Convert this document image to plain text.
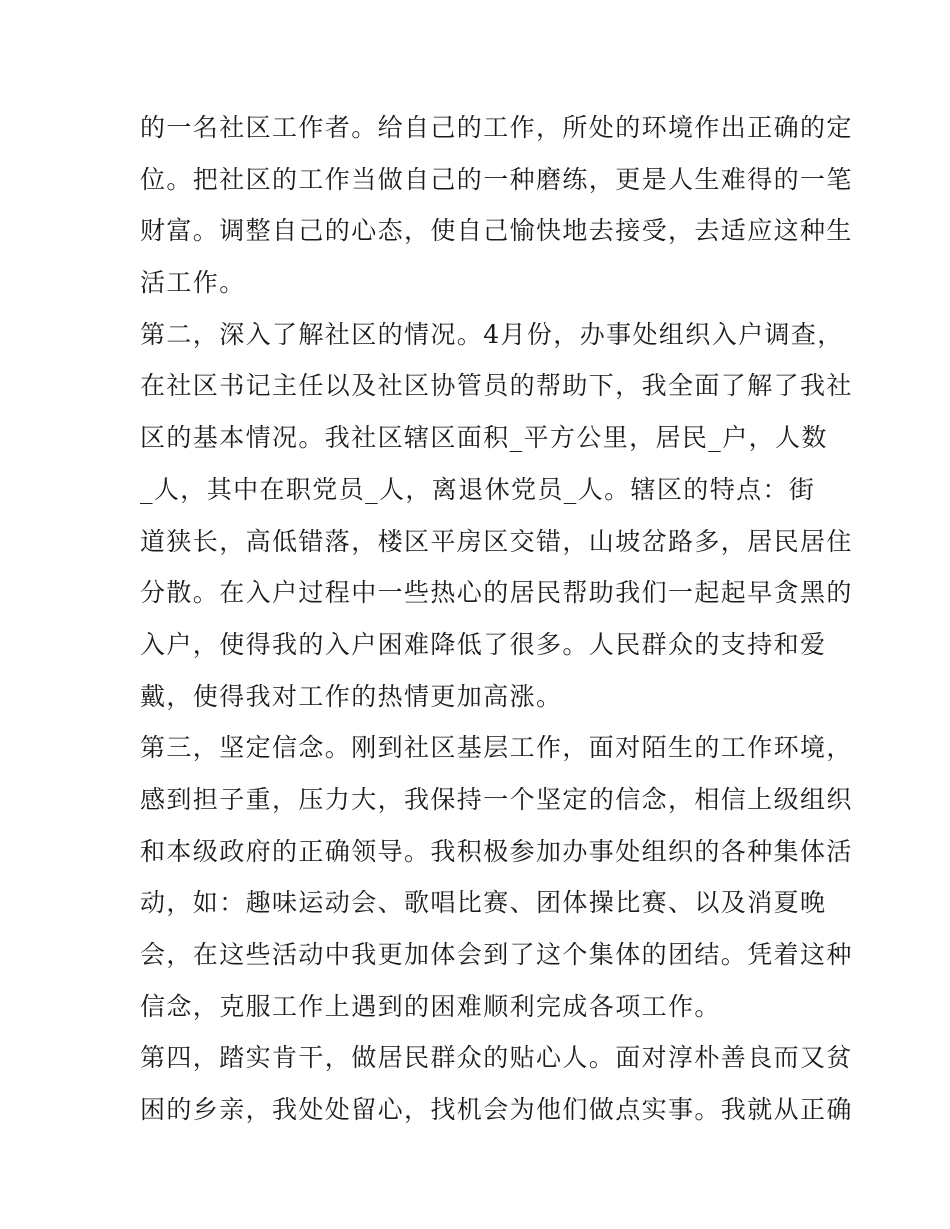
的一名社区工作者。给自己的工作，所处的环境作出正确的定
位。把社区的工作当做自己的一种磨练，更是人生难得的一笔
财富。调整自己的心态，使自己愉快地去接受，去适应这种生
活工作。
第二，深入了解社区的情况。4月份，办事处组织入户调查，
在社区书记主任以及社区协管员的帮助下，我全面了解了我社
区的基本情况。我社区辖区面积_平方公里，居民_户，人数
_人，其中在职党员_人，离退休党员_人。辖区的特点：街
道狭长，高低错落，楼区平房区交错，山坡岔路多，居民居住
分散。在入户过程中一些热心的居民帮助我们一起起早贪黑的
入户，使得我的入户困难降低了很多。人民群众的支持和爱
戴，使得我对工作的热情更加高涨。
第三，坚定信念。刚到社区基层工作，面对陌生的工作环境，
感到担子重，压力大，我保持一个坚定的信念，相信上级组织
和本级政府的正确领导。我积极参加办事处组织的各种集体活
动，如：趣味运动会、歌唱比赛、团体操比赛、以及消夏晚
会，在这些活动中我更加体会到了这个集体的团结。凭着这种
信念，克服工作上遇到的困难顺利完成各项工作。
第四，踏实肯干，做居民群众的贴心人。面对淳朴善良而又贫
困的乡亲，我处处留心，找机会为他们做点实事。我就从正确
